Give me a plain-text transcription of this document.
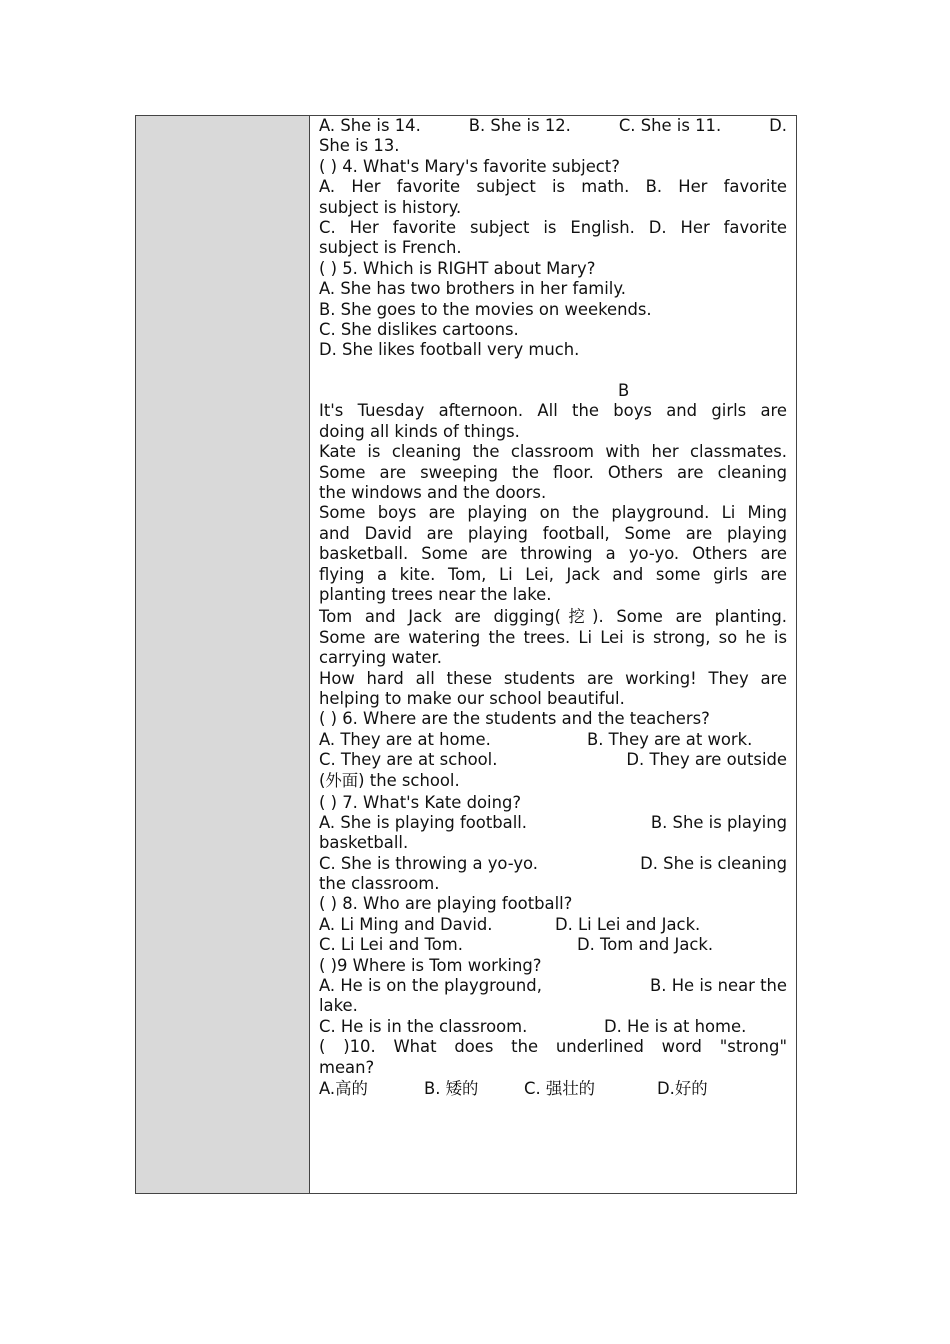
A. She is 14.	B. She is 12.	C. She is 11.	D.
She is 13.
( ) 4. What's Mary's favorite subject?
A. Her favorite subject is math. B. Her favorite
subject is history.
C. Her favorite subject is English. D. Her favorite
subject is French.
( ) 5. Which is RIGHT about Mary?
A. She has two brothers in her family.
B. She goes to the movies on weekends.
C. She dislikes cartoons.
D. She likes football very much.
B
It's Tuesday afternoon. All the boys and girls are
doing all kinds of things.
Kate is cleaning the classroom with her classmates.
Some are sweeping the floor. Others are cleaning
the windows and the doors.
Some boys are playing on the playground. Li Ming
and David are playing football, Some are playing
basketball. Some are throwing a yo-yo. Others are
flying a kite. Tom, Li Lei, Jack and some girls are
planting trees near the lake.
Tom and Jack are digging(挖). Some are planting.
Some are watering the trees. Li Lei is strong, so he is
carrying water.
How hard all these students are working! They are
helping to make our school beautiful.
( ) 6. Where are the students and the teachers?
A. They are at home.	B. They are at work.
C. They are at school.	D. They are outside
(外面) the school.
( ) 7. What's Kate doing?
A. She is playing football.	B. She is playing
basketball.
C. She is throwing a yo-yo.	D. She is cleaning
the classroom.
( ) 8. Who are playing football?
A. Li Ming and David.	D. Li Lei and Jack.
C. Li Lei and Tom.	D. Tom and Jack.
( )9 Where is Tom working?
A. He is on the playground,	B. He is near the
lake.
C. He is in the classroom.	D. He is at home.
( )10. What does the underlined word "strong"
mean?
A.高的	B. 矮的	C. 强壮的	D.好的
